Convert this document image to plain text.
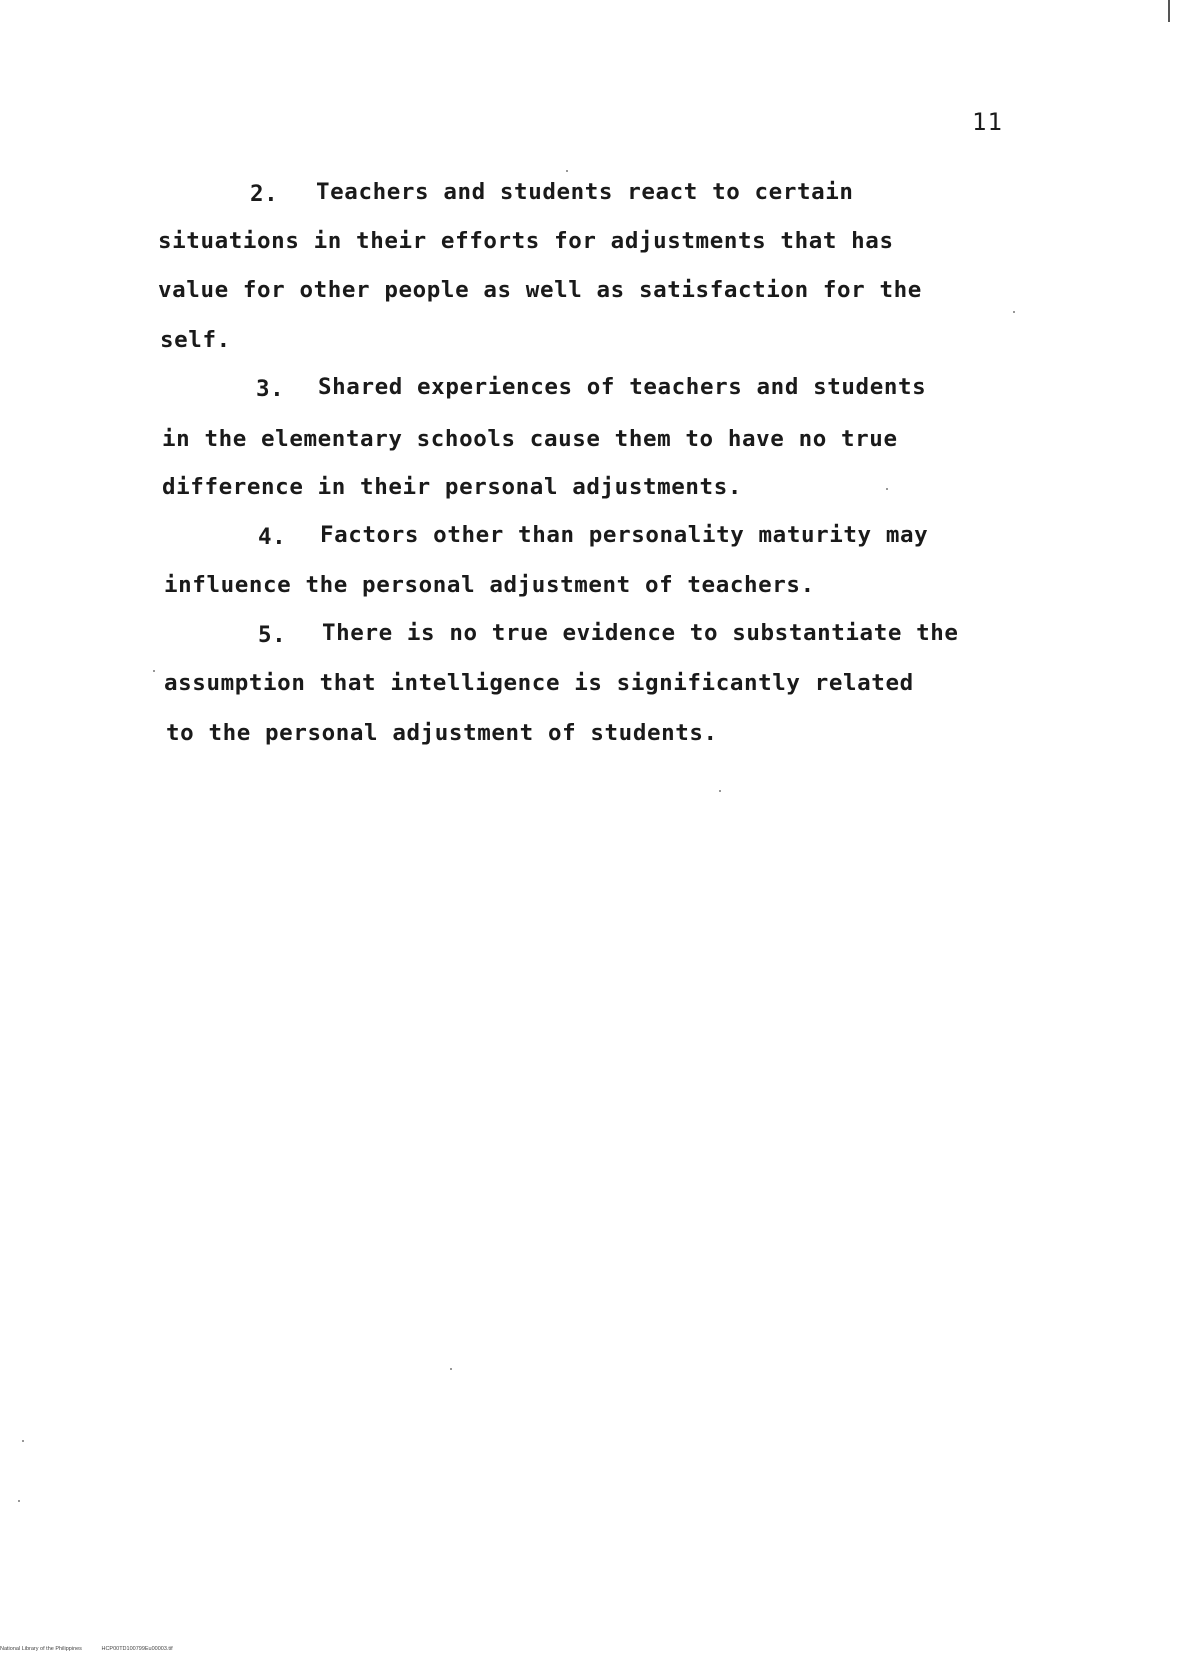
11
2. Teachers and students react to certain
situations in their efforts for adjustments that has
value for other people as well as satisfaction for the
self.
3. Shared experiences of teachers and students
in the elementary schools cause them to have no true
difference in their personal adjustments.
4. Factors other than personality maturity may
influence the personal adjustment of teachers.
5. There is no true evidence to substantiate the
assumption that intelligence is significantly related
to the personal adjustment of students.
National Library of the Philippines	HCP00TD100799Eu00003.tif
